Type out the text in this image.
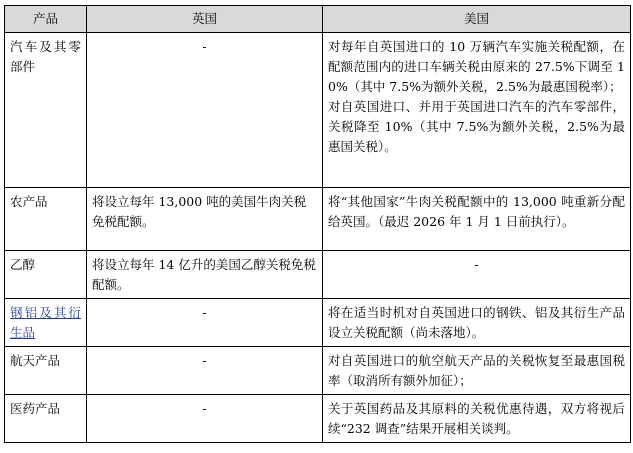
产品	英国	美国
汽车及其零部件	-	对每年自英国进口的 10 万辆汽车实施关税配额，在配额范围内的进口车辆关税由原来的 27.5%下调至 10%（其中 7.5%为额外关税，2.5%为最惠国税率）；
对自英国进口、并用于英国进口汽车的汽车零部件，关税降至 10%（其中 7.5%为额外关税，2.5%为最惠国关税）。

农产品	将设立每年 13,000 吨的美国牛肉关税免税配额。	将“其他国家”牛肉关税配额中的 13,000 吨重新分配给英国。（最迟 2026 年 1 月 1 日前执行）。

乙醇	将设立每年 14 亿升的美国乙醇关税免税配额。	-

钢铝及其衍生品	-	将在适当时机对自英国进口的钢铁、铝及其衍生产品设立关税配额（尚未落地）。

航天产品	-	对自英国进口的航空航天产品的关税恢复至最惠国税率（取消所有额外加征）；

医药产品	-	关于英国药品及其原料的关税优惠待遇，双方将视后续“232 调查”结果开展相关谈判。
